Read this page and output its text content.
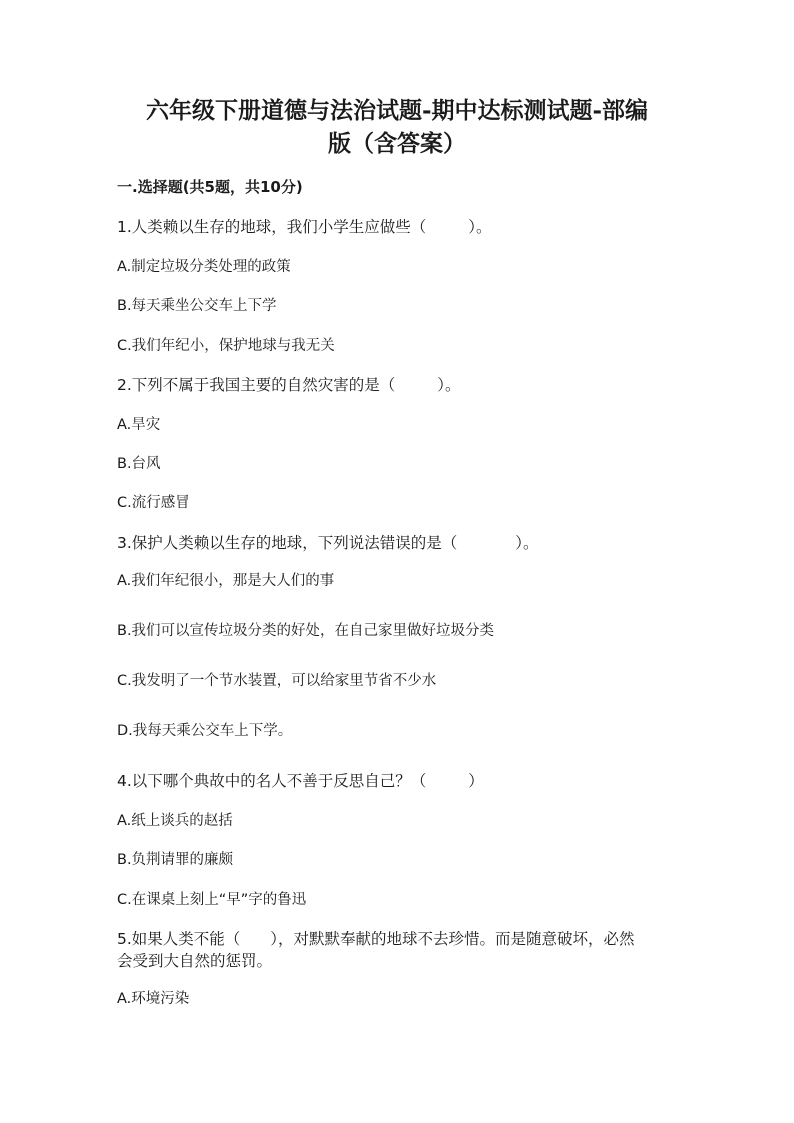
六年级下册道德与法治试题-期中达标测试题-部编
版（含答案）
一.选择题(共5题，共10分)
1.人类赖以生存的地球，我们小学生应做些（	）。
A.制定垃圾分类处理的政策
B.每天乘坐公交车上下学
C.我们年纪小，保护地球与我无关
2.下列不属于我国主要的自然灾害的是（	）。
A.旱灾
B.台风
C.流行感冒
3.保护人类赖以生存的地球，下列说法错误的是（	）。
A.我们年纪很小，那是大人们的事
B.我们可以宣传垃圾分类的好处，在自己家里做好垃圾分类
C.我发明了一个节水装置，可以给家里节省不少水
D.我每天乘公交车上下学。
4.以下哪个典故中的名人不善于反思自己？（	）
A.纸上谈兵的赵括
B.负荆请罪的廉颇
C.在课桌上刻上“早”字的鲁迅
5.如果人类不能（ ），对默默奉献的地球不去珍惜。而是随意破坏，必然
会受到大自然的惩罚。
A.环境污染
